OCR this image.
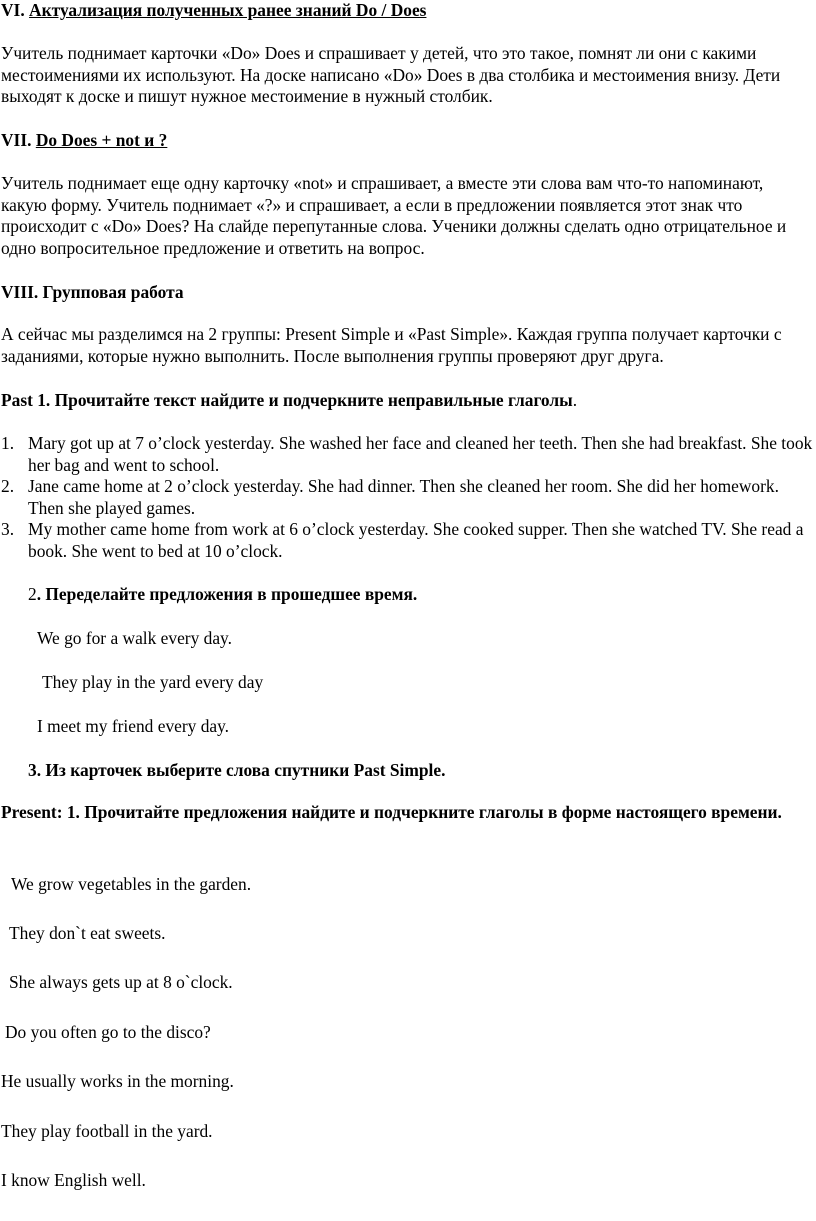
VI. Актуализация полученных ранее знаний Do / Does

Учитель поднимает карточки «Do» Does и спрашивает у детей, что это такое, помнят ли они с какими местоимениями их используют. На доске написано «Do» Does в два столбика и местоимения внизу. Дети выходят к доске и пишут нужное местоимение в нужный столбик.

VII. Do Does + not и ?

Учитель поднимает еще одну карточку «not» и спрашивает, а вместе эти слова вам что-то напоминают, какую форму. Учитель поднимает «?» и спрашивает, а если в предложении появляется этот знак что происходит с «Do» Does? На слайде перепутанные слова. Ученики должны сделать одно отрицательное и одно вопросительное предложение и ответить на вопрос.

VIII. Групповая работа

А сейчас мы разделимся на 2 группы: Present Simple и «Past Simple». Каждая группа получает карточки с заданиями, которые нужно выполнить. После выполнения группы проверяют друг друга.

Past 1. Прочитайте текст найдите и подчеркните неправильные глаголы.

1. Mary got up at 7 o’clock yesterday. She washed her face and cleaned her teeth. Then she had breakfast. She took her bag and went to school.
2. Jane came home at 2 o’clock yesterday. She had dinner. Then she cleaned her room. She did her homework. Then she played games.
3. My mother came home from work at 6 o’clock yesterday. She cooked supper. Then she watched TV. She read a book. She went to bed at 10 o’clock.

2. Переделайте предложения в прошедшее время.

We go for a walk every day.

They play in the yard every day

I meet my friend every day.

3. Из карточек выберите слова спутники Past Simple.

Present: 1. Прочитайте предложения найдите и подчеркните глаголы в форме настоящего времени.

We grow vegetables in the garden.

They don`t eat sweets.

She always gets up at 8 o`clock.

Do you often go to the disco?

He usually works in the morning.

They play football in the yard.

I know English well.
